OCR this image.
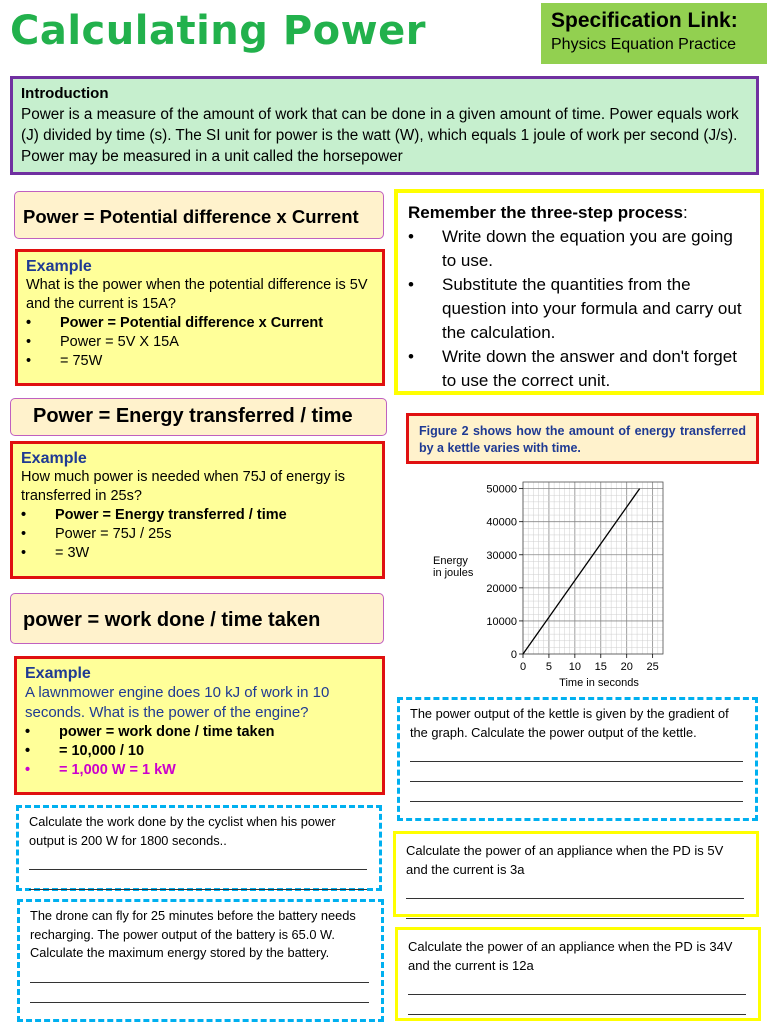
Calculating Power	Specification Link:
Physics Equation Practice
Introduction
Power is a measure of the amount of work that can be done in a given amount of time. Power equals work (J) divided by time (s). The SI unit for power is the watt (W), which equals 1 joule of work per second (J/s). Power may be measured in a unit called the horsepower
Power = Potential difference x Current
Example
What is the power when the potential difference is 5V and the current is 15A?
• Power = Potential difference x Current
• Power = 5V X 15A
• = 75W
Remember the three-step process:
• Write down the equation you are going to use.
• Substitute the quantities from the question into your formula and carry out the calculation.
• Write down the answer and don't forget to use the correct unit.
Power = Energy transferred / time
Example
How much power is needed when 75J of energy is transferred in 25s?
• Power = Energy transferred / time
• Power = 75J / 25s
• = 3W
Figure 2 shows how the amount of energy transferred by a kettle varies with time.
0 5 10 15 20 25
0
10000
20000
30000
40000
50000
Time in seconds
Energy
in joules
power = work done / time taken
Example
A lawnmower engine does 10 kJ of work in 10 seconds. What is the power of the engine?
• power = work done / time taken
• = 10,000 / 10
• = 1,000 W = 1 kW
The power output of the kettle is given by the gradient of the graph. Calculate the power output of the kettle.
Calculate the work done by the cyclist when his power output is 200 W for 1800 seconds..
Calculate the power of an appliance when the PD is 5V and the current is 3a
The drone can fly for 25 minutes before the battery needs recharging. The power output of the battery is 65.0 W. Calculate the maximum energy stored by the battery.	Calculate the power of an appliance when the PD is 34V and the current is 12a
